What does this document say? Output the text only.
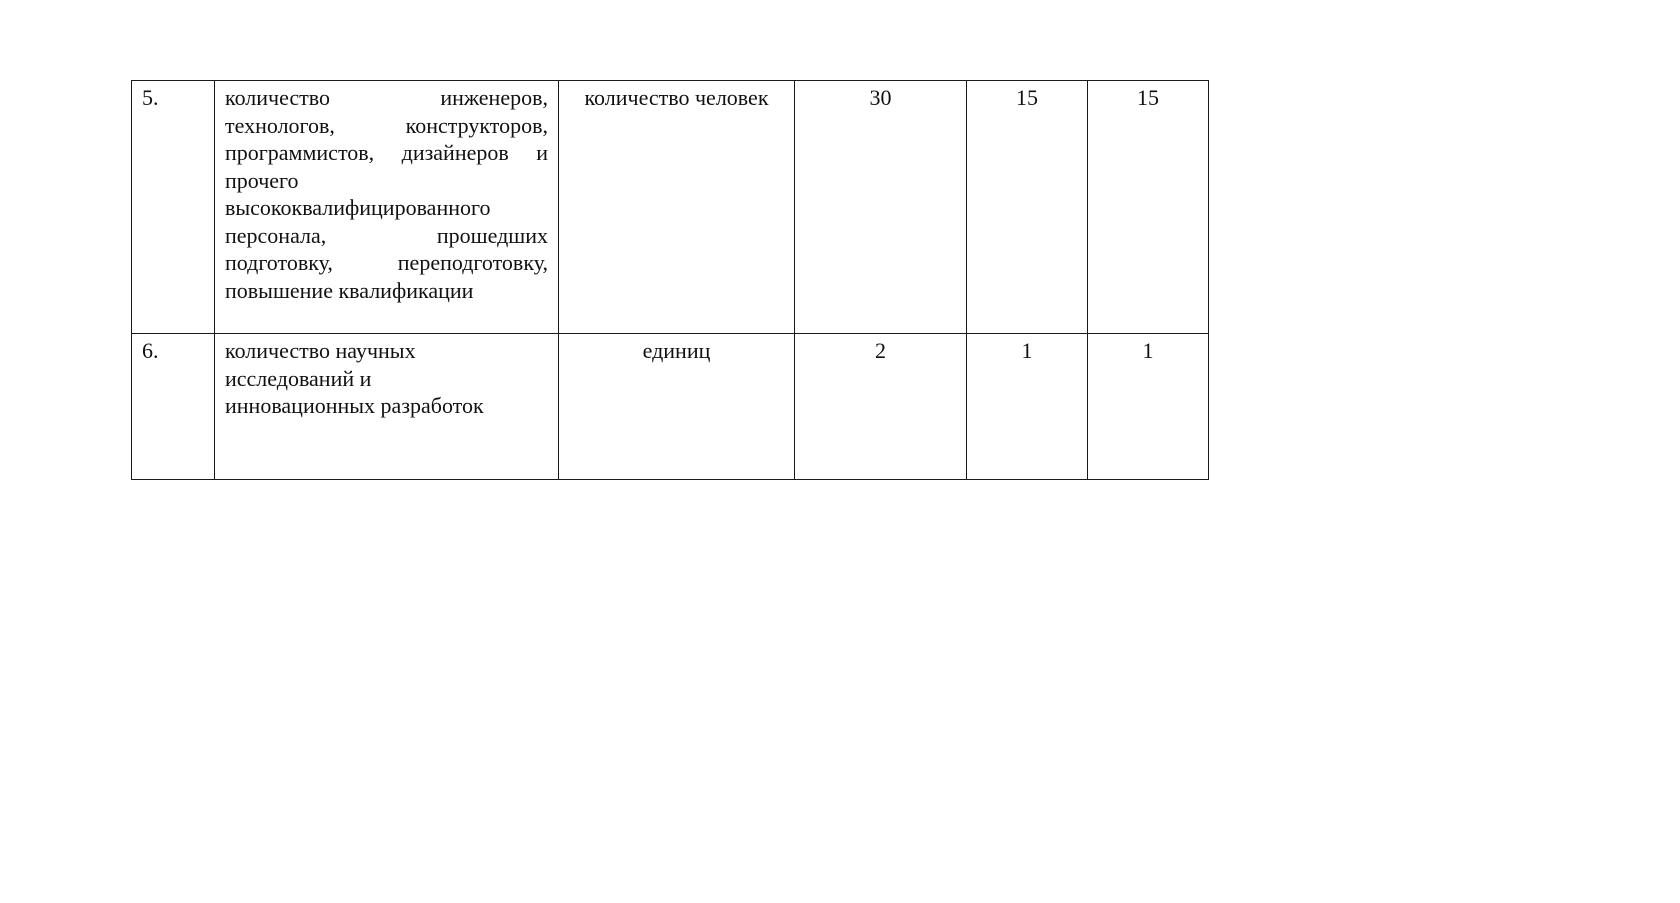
5.	количество инженеров, технологов, конструкторов, программистов, дизайнеров и прочего высококвалифицированного персонала, прошедших подготовку, переподготовку, повышение квалификации	количество человек	30	15	15
6.	количество научных исследований и инновационных разработок	единиц	2	1	1
